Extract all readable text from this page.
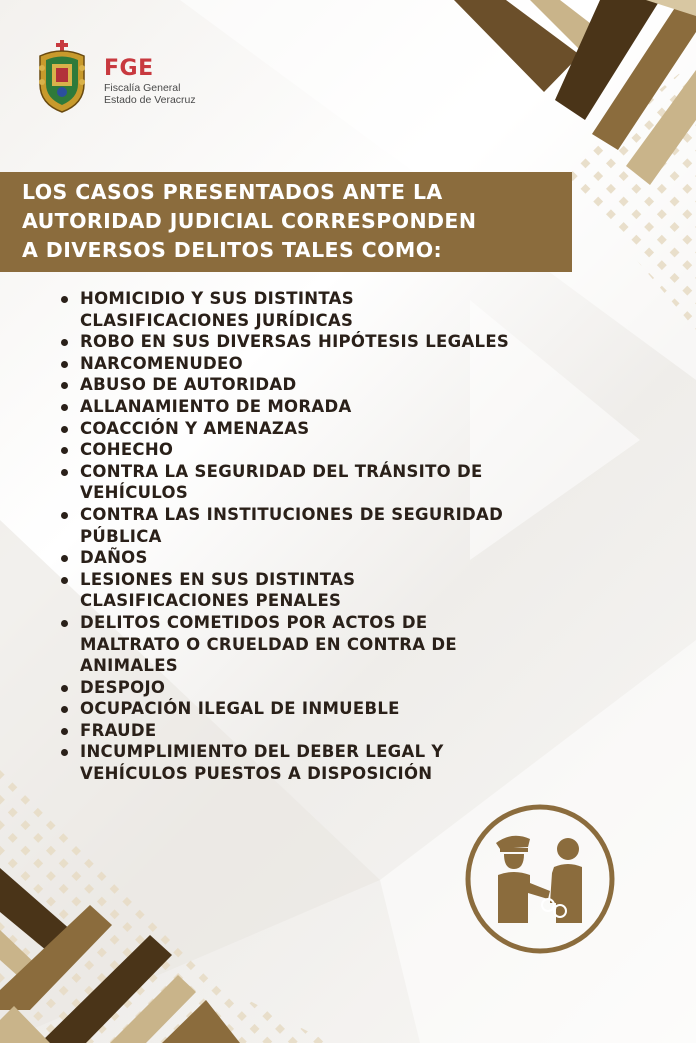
FGE
Fiscalía General
Estado de Veracruz
LOS CASOS PRESENTADOS ANTE LA
AUTORIDAD JUDICIAL CORRESPONDEN
A DIVERSOS DELITOS TALES COMO:
HOMICIDIO Y SUS DISTINTAS
CLASIFICACIONES JURÍDICAS
ROBO EN SUS DIVERSAS HIPÓTESIS LEGALES
NARCOMENUDEO
ABUSO DE AUTORIDAD
ALLANAMIENTO DE MORADA
COACCIÓN Y AMENAZAS
COHECHO
CONTRA LA SEGURIDAD DEL TRÁNSITO DE
VEHÍCULOS
CONTRA LAS INSTITUCIONES DE SEGURIDAD
PÚBLICA
DAÑOS
LESIONES EN SUS DISTINTAS
CLASIFICACIONES PENALES
DELITOS COMETIDOS POR ACTOS DE
MALTRATO O CRUELDAD EN CONTRA DE
ANIMALES
DESPOJO
OCUPACIÓN ILEGAL DE INMUEBLE
FRAUDE
INCUMPLIMIENTO DEL DEBER LEGAL Y
VEHÍCULOS PUESTOS A DISPOSICIÓN
